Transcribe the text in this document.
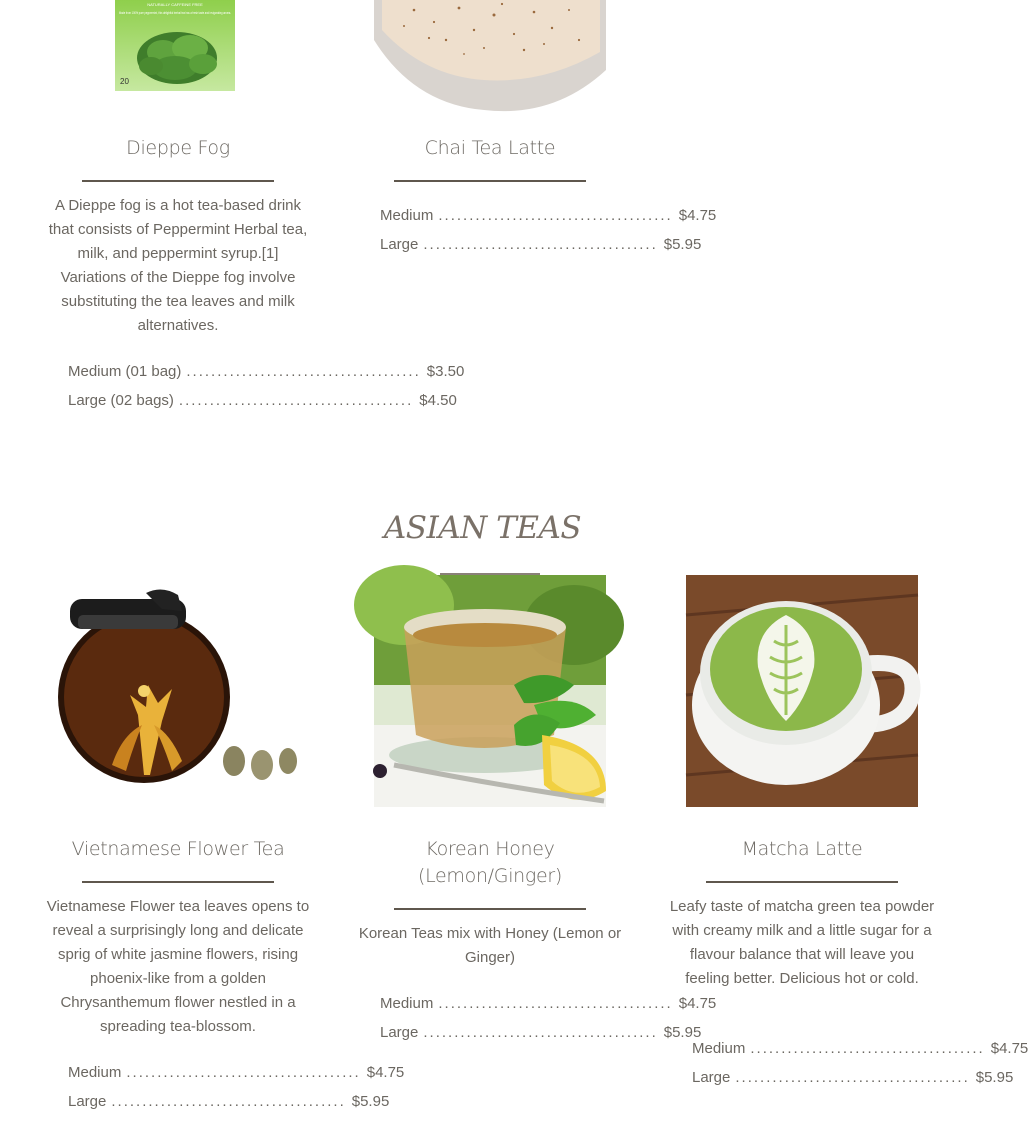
NATURALLY CAFFEINE FREE
Made from 100% pure peppermint, this delightful herbal tea has a fresh taste and invigorating aroma.
20
Dieppe Fog
A Dieppe fog is a hot tea-based drink that consists of Peppermint Herbal tea, milk, and peppermint syrup.[1] Variations of the Dieppe fog involve substituting the tea leaves and milk alternatives.
Medium (01 bag) ...................................... $3.50
Large (02 bags) ...................................... $4.50
Chai Tea Latte
Medium ...................................... $4.75
Large ...................................... $5.95
ASIAN TEAS
Vietnamese Flower Tea
Vietnamese Flower tea leaves opens to reveal a surprisingly long and delicate sprig of white jasmine flowers, rising phoenix-like from a golden Chrysanthemum flower nestled in a spreading tea-blossom.
Medium ...................................... $4.75
Large ...................................... $5.95
Korean Honey (Lemon/Ginger)
Korean Teas mix with Honey (Lemon or Ginger)
Medium ...................................... $4.75
Large ...................................... $5.95
Matcha Latte
Leafy taste of matcha green tea powder with creamy milk and a little sugar for a flavour balance that will leave you feeling better. Delicious hot or cold.
Medium ...................................... $4.75
Large ...................................... $5.95
